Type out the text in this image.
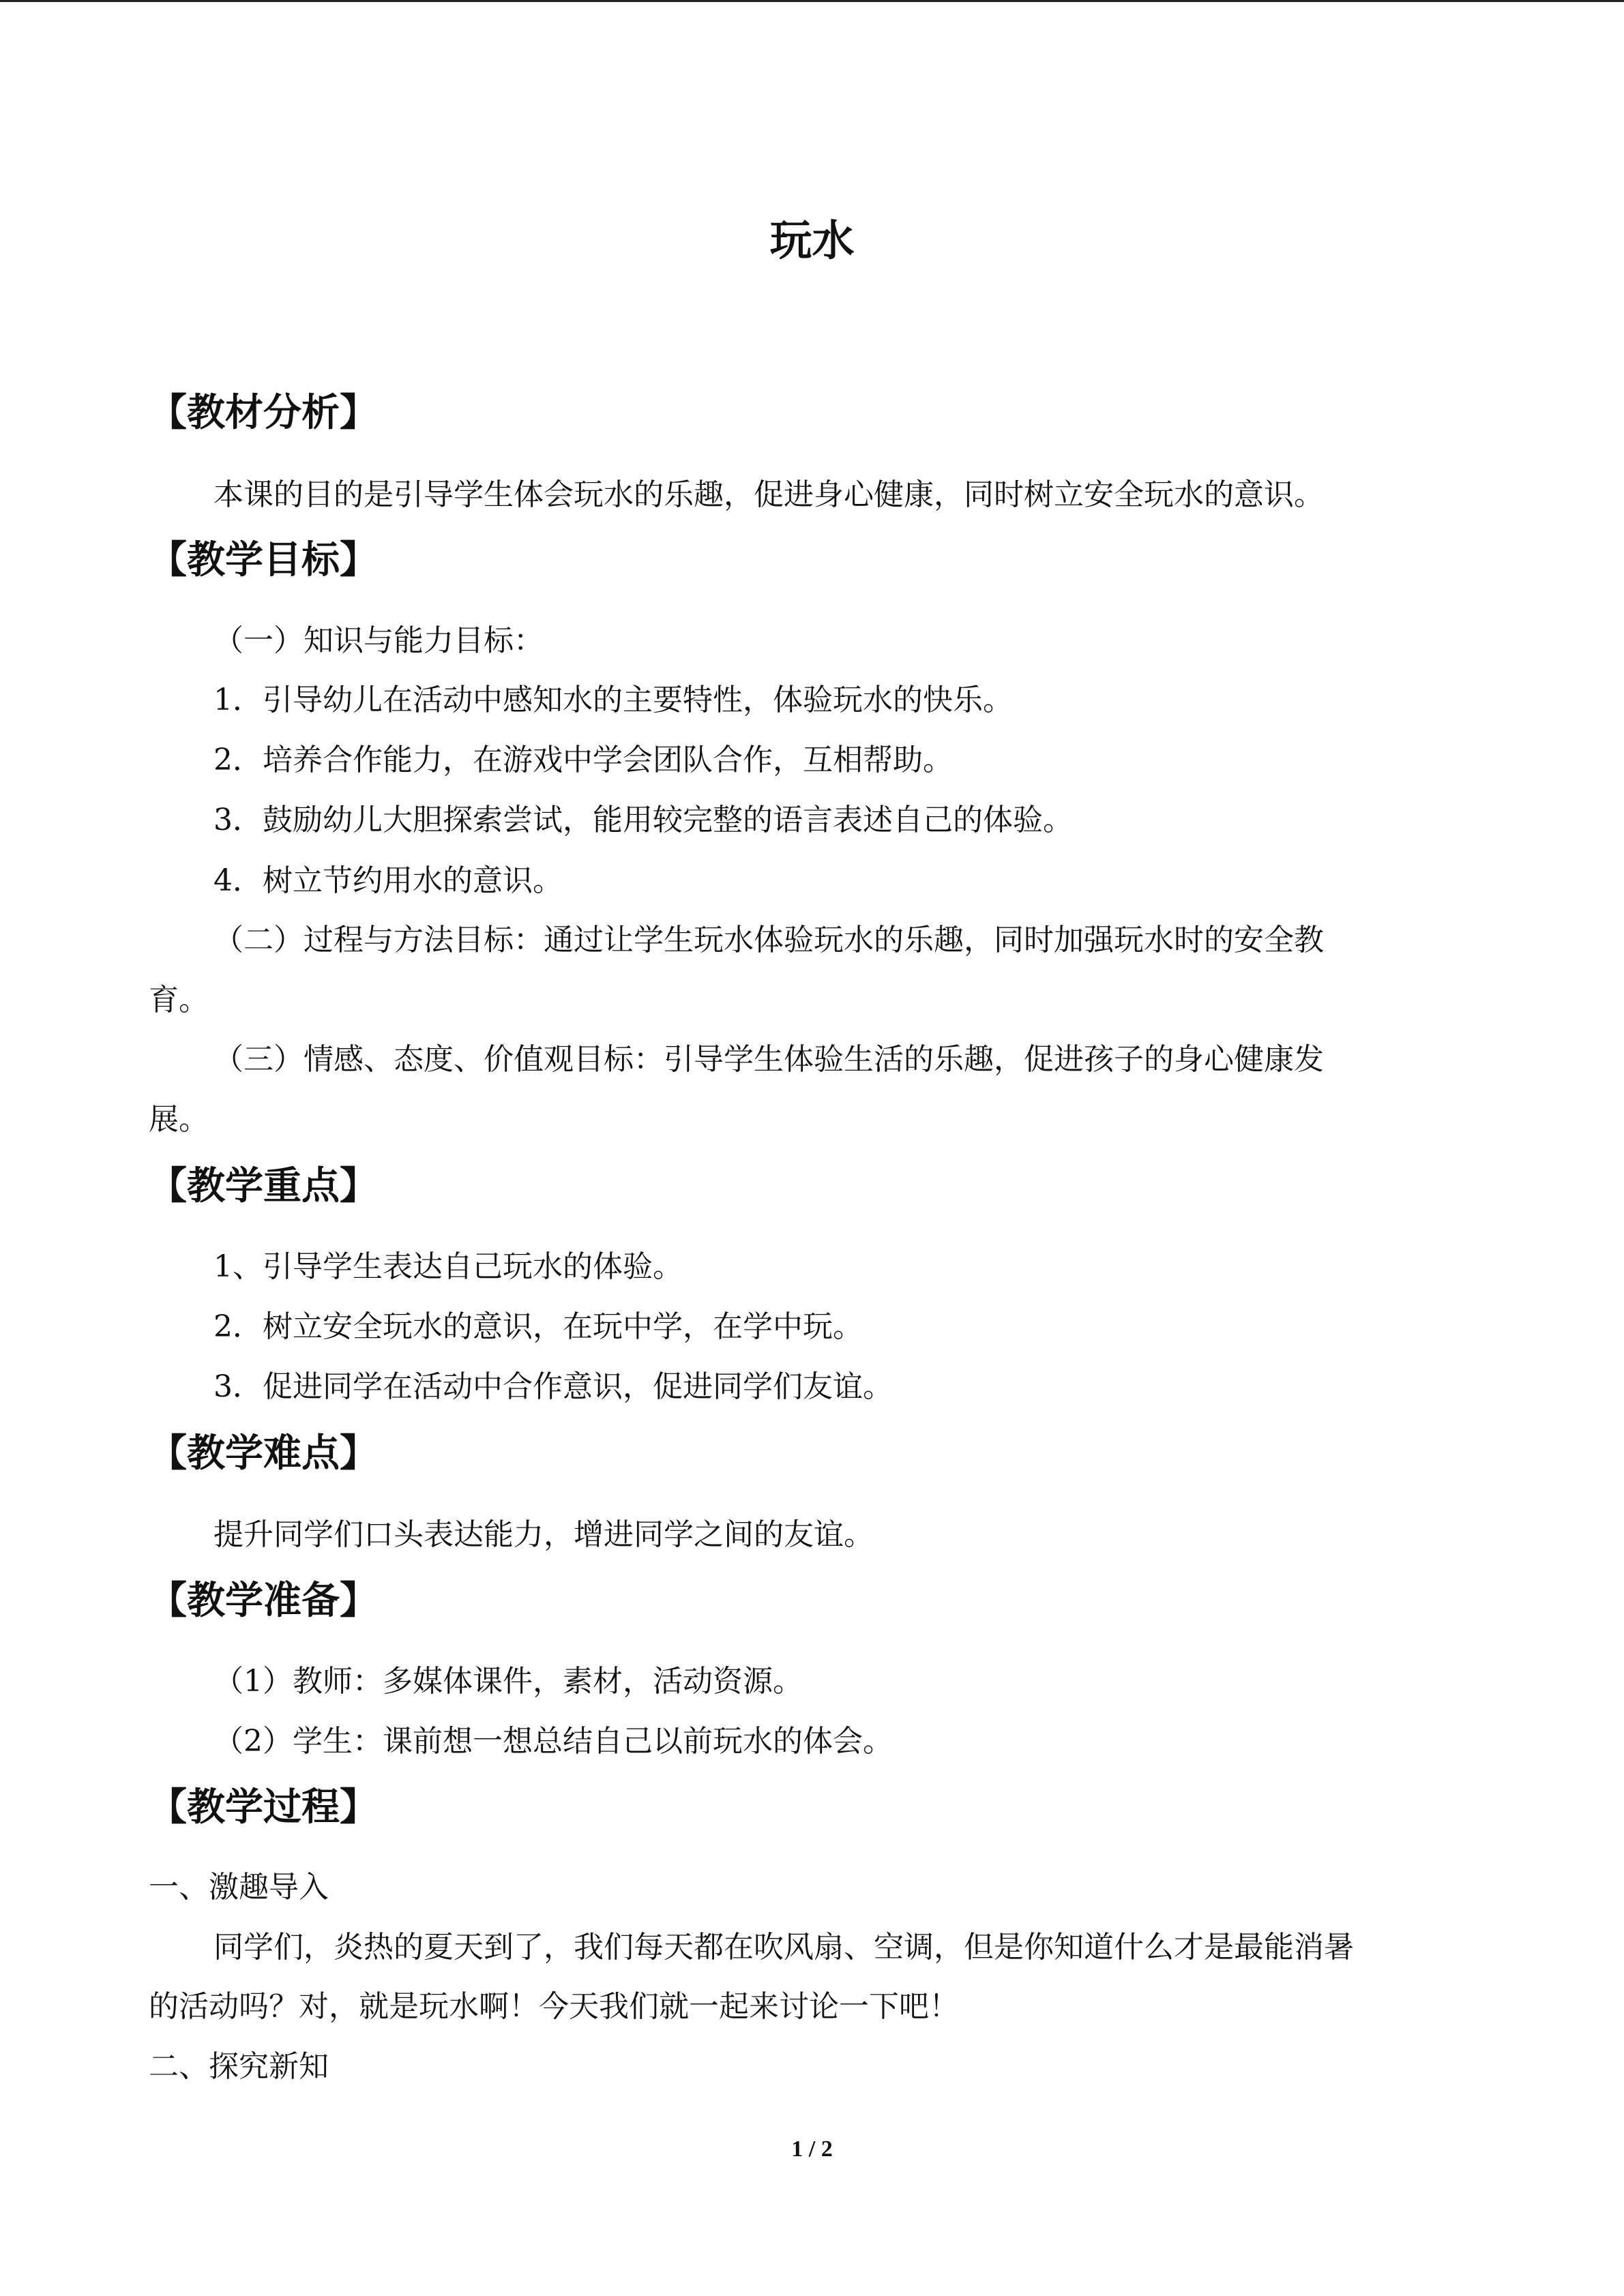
玩水
【教材分析】
本课的目的是引导学生体会玩水的乐趣，促进身心健康，同时树立安全玩水的意识。
【教学目标】
（一）知识与能力目标：
1．引导幼儿在活动中感知水的主要特性，体验玩水的快乐。
2．培养合作能力，在游戏中学会团队合作，互相帮助。
3．鼓励幼儿大胆探索尝试，能用较完整的语言表述自己的体验。
4．树立节约用水的意识。
（二）过程与方法目标：通过让学生玩水体验玩水的乐趣，同时加强玩水时的安全教
育。
（三）情感、态度、价值观目标：引导学生体验生活的乐趣，促进孩子的身心健康发
展。
【教学重点】
1、引导学生表达自己玩水的体验。
2．树立安全玩水的意识，在玩中学，在学中玩。
3．促进同学在活动中合作意识，促进同学们友谊。
【教学难点】
提升同学们口头表达能力，增进同学之间的友谊。
【教学准备】
（1）教师：多媒体课件，素材，活动资源。
（2）学生：课前想一想总结自己以前玩水的体会。
【教学过程】
一、激趣导入
同学们，炎热的夏天到了，我们每天都在吹风扇、空调，但是你知道什么才是最能消暑
的活动吗？对，就是玩水啊！今天我们就一起来讨论一下吧！
二、探究新知
1 / 2
